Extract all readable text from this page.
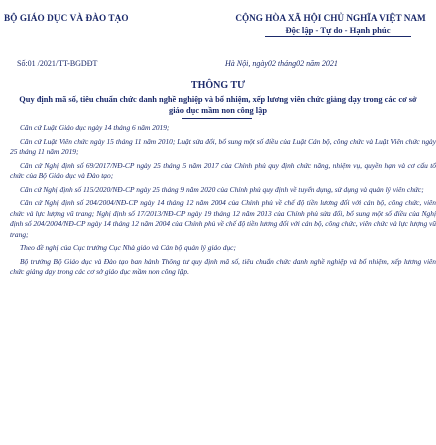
BỘ GIÁO DỤC VÀ ĐÀO TẠO	CỘNG HÒA XÃ HỘI CHỦ NGHĨA VIỆT NAM
Độc lập - Tự do - Hạnh phúc
Số:01 /2021/TT-BGDĐT	Hà Nội, ngày02 tháng02 năm 2021
THÔNG TƯ
Quy định mã số, tiêu chuẩn chức danh nghề nghiệp và bổ nhiệm, xếp lương viên chức giảng dạy trong các cơ sở giáo dục mầm non công lập

Căn cứ Luật Giáo dục ngày 14 tháng 6 năm 2019;

Căn cứ Luật Viên chức ngày 15 tháng 11 năm 2010; Luật sửa đổi, bổ sung một số điều của Luật Cán bộ, công chức và Luật Viên chức ngày 25 tháng 11 năm 2019;

Căn cứ Nghị định số 69/2017/NĐ-CP ngày 25 tháng 5 năm 2017 của Chính phủ quy định chức năng, nhiệm vụ, quyền hạn và cơ cấu tổ chức của Bộ Giáo dục và Đào tạo;

Căn cứ Nghị định số 115/2020/NĐ-CP ngày 25 tháng 9 năm 2020 của Chính phủ quy định về tuyển dụng, sử dụng và quản lý viên chức;

Căn cứ Nghị định số 204/2004/NĐ-CP ngày 14 tháng 12 năm 2004 của Chính phủ về chế độ tiền lương đối với cán bộ, công chức, viên chức và lực lượng vũ trang; Nghị định số 17/2013/NĐ-CP ngày 19 tháng 12 năm 2013 của Chính phủ sửa đổi, bổ sung một số điều của Nghị định số 204/2004/NĐ-CP ngày 14 tháng 12 năm 2004 của Chính phủ về chế độ tiền lương đối với cán bộ, công chức, viên chức và lực lượng vũ trang;

Theo đề nghị của Cục trưởng Cục Nhà giáo và Cán bộ quản lý giáo dục;

Bộ trưởng Bộ Giáo dục và Đào tạo ban hành Thông tư quy định mã số, tiêu chuẩn chức danh nghề nghiệp và bổ nhiệm, xếp lương viên chức giảng dạy trong các cơ sở giáo dục mầm non công lập.
